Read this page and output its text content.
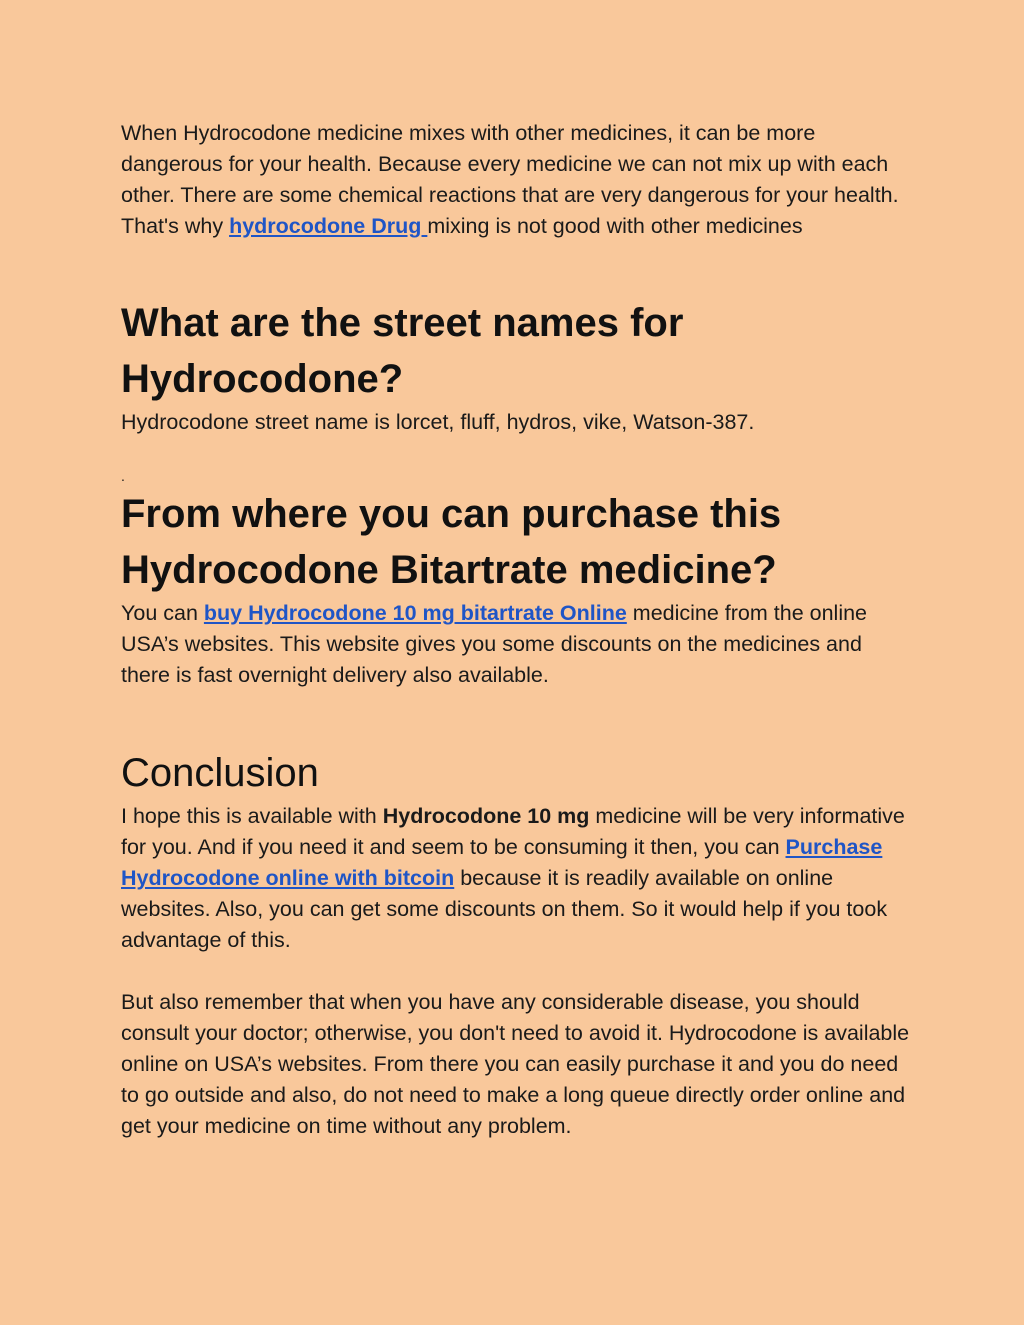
When Hydrocodone medicine mixes with other medicines, it can be more dangerous for your health. Because every medicine we can not mix up with each other. There are some chemical reactions that are very dangerous for your health. That's why hydrocodone Drug mixing is not good with other medicines

What are the street names for Hydrocodone?

Hydrocodone street name is lorcet, fluff, hydros, vike, Watson-387.

.
From where you can purchase this Hydrocodone Bitartrate medicine?

You can buy Hydrocodone 10 mg bitartrate Online medicine from the online USA’s websites. This website gives you some discounts on the medicines and there is fast overnight delivery also available.

Conclusion

I hope this is available with Hydrocodone 10 mg medicine will be very informative for you. And if you need it and seem to be consuming it then, you can Purchase Hydrocodone online with bitcoin because it is readily available on online websites. Also, you can get some discounts on them. So it would help if you took advantage of this.

But also remember that when you have any considerable disease, you should consult your doctor; otherwise, you don't need to avoid it. Hydrocodone is available online on USA’s websites. From there you can easily purchase it and you do need to go outside and also, do not need to make a long queue directly order online and get your medicine on time without any problem.
